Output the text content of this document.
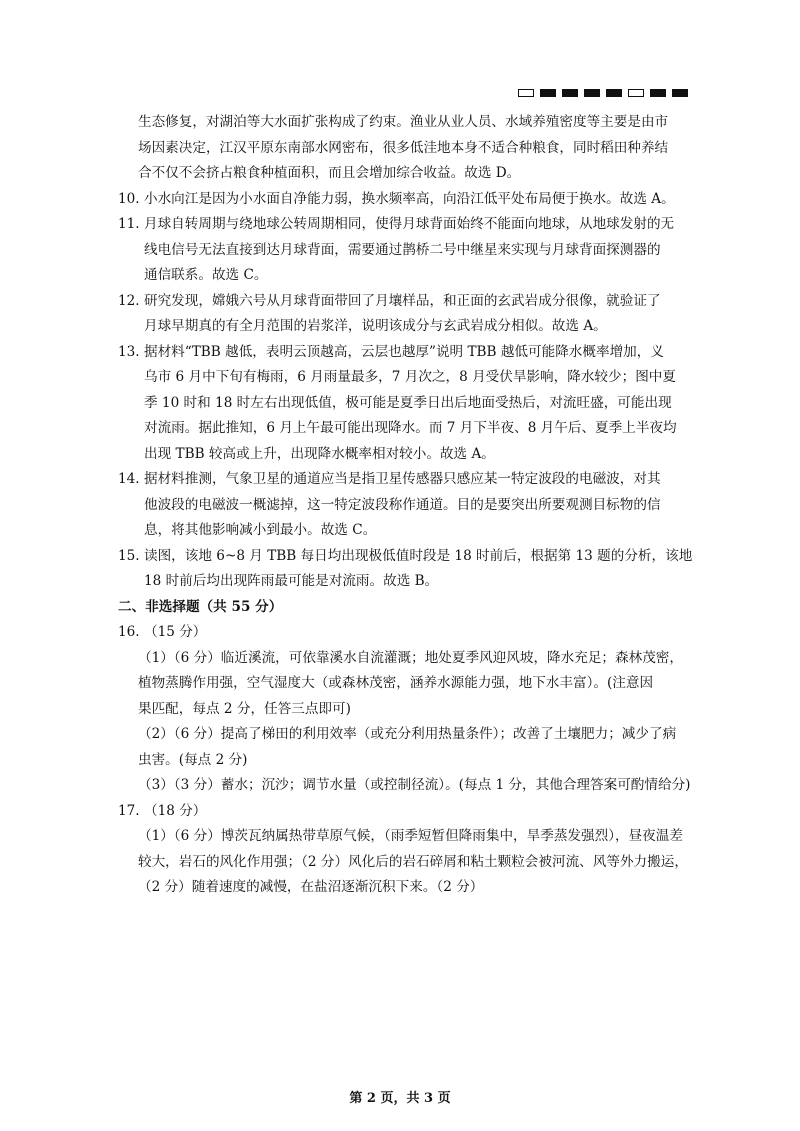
生态修复，对湖泊等大水面扩张构成了约束。渔业从业人员、水域养殖密度等主要是由市
场因素决定，江汉平原东南部水网密布，很多低洼地本身不适合种粮食，同时稻田种养结
合不仅不会挤占粮食种植面积，而且会增加综合收益。故选 D。
10. 小水向江是因为小水面自净能力弱，换水频率高，向沿江低平处布局便于换水。故选 A。
11. 月球自转周期与绕地球公转周期相同，使得月球背面始终不能面向地球，从地球发射的无
线电信号无法直接到达月球背面，需要通过鹊桥二号中继星来实现与月球背面探测器的
通信联系。故选 C。
12. 研究发现，嫦娥六号从月球背面带回了月壤样品，和正面的玄武岩成分很像，就验证了
月球早期真的有全月范围的岩浆洋，说明该成分与玄武岩成分相似。故选 A。
13. 据材料“TBB 越低，表明云顶越高，云层也越厚”说明 TBB 越低可能降水概率增加，义
乌市 6 月中下旬有梅雨，6 月雨量最多，7 月次之，8 月受伏旱影响，降水较少；图中夏
季 10 时和 18 时左右出现低值，极可能是夏季日出后地面受热后，对流旺盛，可能出现
对流雨。据此推知，6 月上午最可能出现降水。而 7 月下半夜、8 月午后、夏季上半夜均
出现 TBB 较高或上升，出现降水概率相对较小。故选 A。
14. 据材料推测，气象卫星的通道应当是指卫星传感器只感应某一特定波段的电磁波，对其
他波段的电磁波一概滤掉，这一特定波段称作通道。目的是要突出所要观测目标物的信
息，将其他影响减小到最小。故选 C。
15. 读图，该地 6~8 月 TBB 每日均出现极低值时段是 18 时前后，根据第 13 题的分析，该地
18 时前后均出现阵雨最可能是对流雨。故选 B。
二、非选择题（共 55 分）
16. （15 分）
（1）（6 分）临近溪流，可依靠溪水自流灌溉；地处夏季风迎风坡，降水充足；森林茂密，
植物蒸腾作用强，空气湿度大（或森林茂密，涵养水源能力强，地下水丰富）。(注意因
果匹配，每点 2 分，任答三点即可)
（2）（6 分）提高了梯田的利用效率（或充分利用热量条件）；改善了土壤肥力；减少了病
虫害。(每点 2 分)
（3）（3 分）蓄水；沉沙；调节水量（或控制径流）。(每点 1 分，其他合理答案可酌情给分)
17. （18 分）
（1）（6 分）博茨瓦纳属热带草原气候，（雨季短暂但降雨集中，旱季蒸发强烈），昼夜温差
较大，岩石的风化作用强；（2 分）风化后的岩石碎屑和粘土颗粒会被河流、风等外力搬运，
（2 分）随着速度的减慢，在盐沼逐渐沉积下来。（2 分）
第 2 页，共 3 页
